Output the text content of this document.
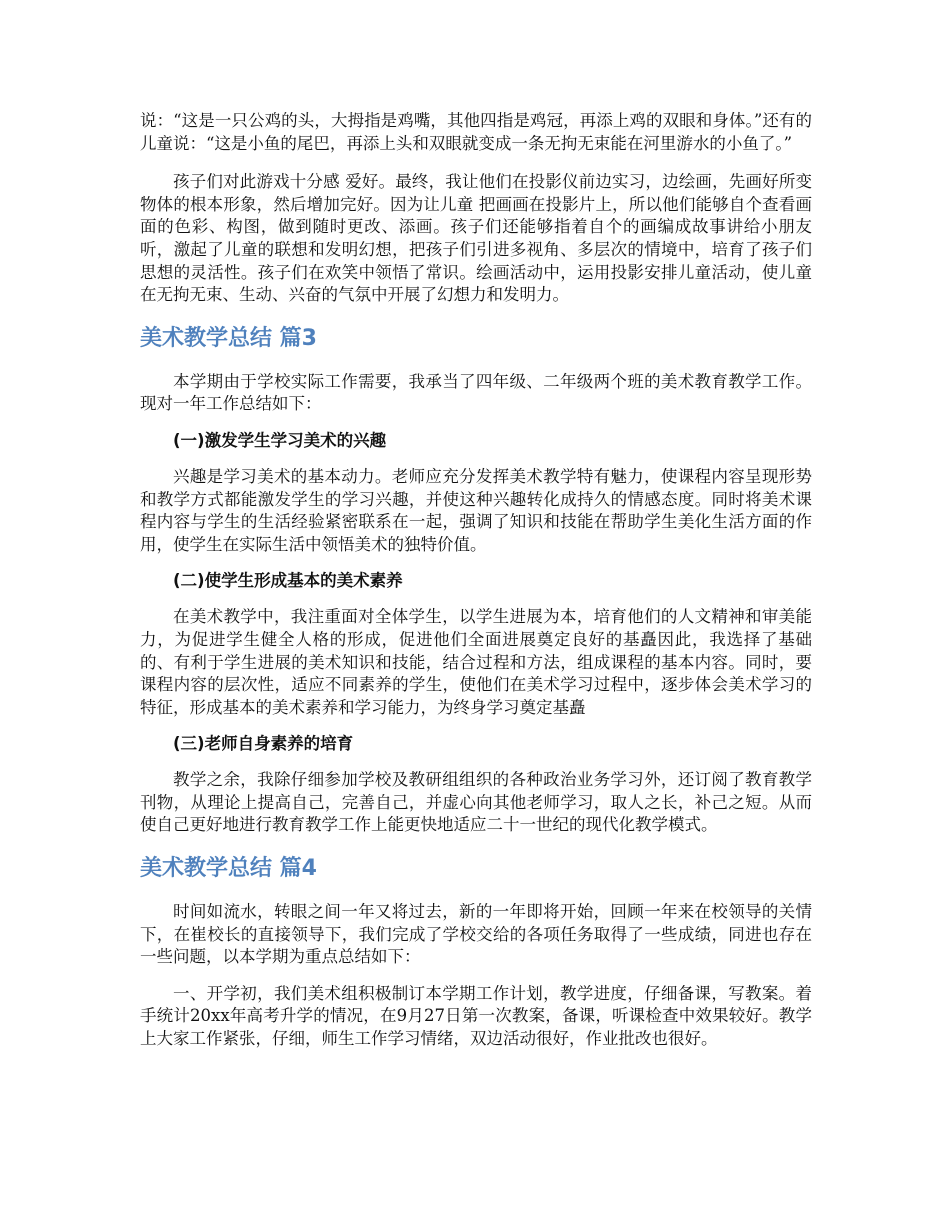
说：“这是一只公鸡的头，大拇指是鸡嘴，其他四指是鸡冠，再添上鸡的双眼和身体。”还有的儿童说：“这是小鱼的尾巴，再添上头和双眼就变成一条无拘无束能在河里游水的小鱼了。”

孩子们对此游戏十分感 爱好。最终，我让他们在投影仪前边实习，边绘画，先画好所变物体的根本形象，然后增加完好。因为让儿童 把画画在投影片上，所以他们能够自个查看画面的色彩、构图，做到随时更改、添画。孩子们还能够指着自个的画编成故事讲给小朋友听，激起了儿童的联想和发明幻想，把孩子们引进多视角、多层次的情境中，培育了孩子们思想的灵活性。孩子们在欢笑中领悟了常识。绘画活动中，运用投影安排儿童活动，使儿童在无拘无束、生动、兴奋的气氛中开展了幻想力和发明力。

美术教学总结 篇3

本学期由于学校实际工作需要，我承当了四年级、二年级两个班的美术教育教学工作。现对一年工作总结如下：

(一)激发学生学习美术的兴趣

兴趣是学习美术的基本动力。老师应充分发挥美术教学特有魅力，使课程内容呈现形势和教学方式都能激发学生的学习兴趣，并使这种兴趣转化成持久的情感态度。同时将美术课程内容与学生的生活经验紧密联系在一起，强调了知识和技能在帮助学生美化生活方面的作用，使学生在实际生活中领悟美术的独特价值。

(二)使学生形成基本的美术素养

在美术教学中，我注重面对全体学生，以学生进展为本，培育他们的人文精神和审美能力，为促进学生健全人格的形成，促进他们全面进展奠定良好的基矗因此，我选择了基础的、有利于学生进展的美术知识和技能，结合过程和方法，组成课程的基本内容。同时，要课程内容的层次性，适应不同素养的学生，使他们在美术学习过程中，逐步体会美术学习的特征，形成基本的美术素养和学习能力，为终身学习奠定基矗

(三)老师自身素养的培育

教学之余，我除仔细参加学校及教研组组织的各种政治业务学习外，还订阅了教育教学刊物，从理论上提高自己，完善自己，并虚心向其他老师学习，取人之长，补己之短。从而使自己更好地进行教育教学工作上能更快地适应二十一世纪的现代化教学模式。

美术教学总结 篇4

时间如流水，转眼之间一年又将过去，新的一年即将开始，回顾一年来在校领导的关情下，在崔校长的直接领导下，我们完成了学校交给的各项任务取得了一些成绩，同进也存在一些问题，以本学期为重点总结如下：

一、开学初，我们美术组积极制订本学期工作计划，教学进度，仔细备课，写教案。着手统计20xx年高考升学的情况，在9月27日第一次教案，备课，听课检查中效果较好。教学上大家工作紧张，仔细，师生工作学习情绪，双边活动很好，作业批改也很好。
